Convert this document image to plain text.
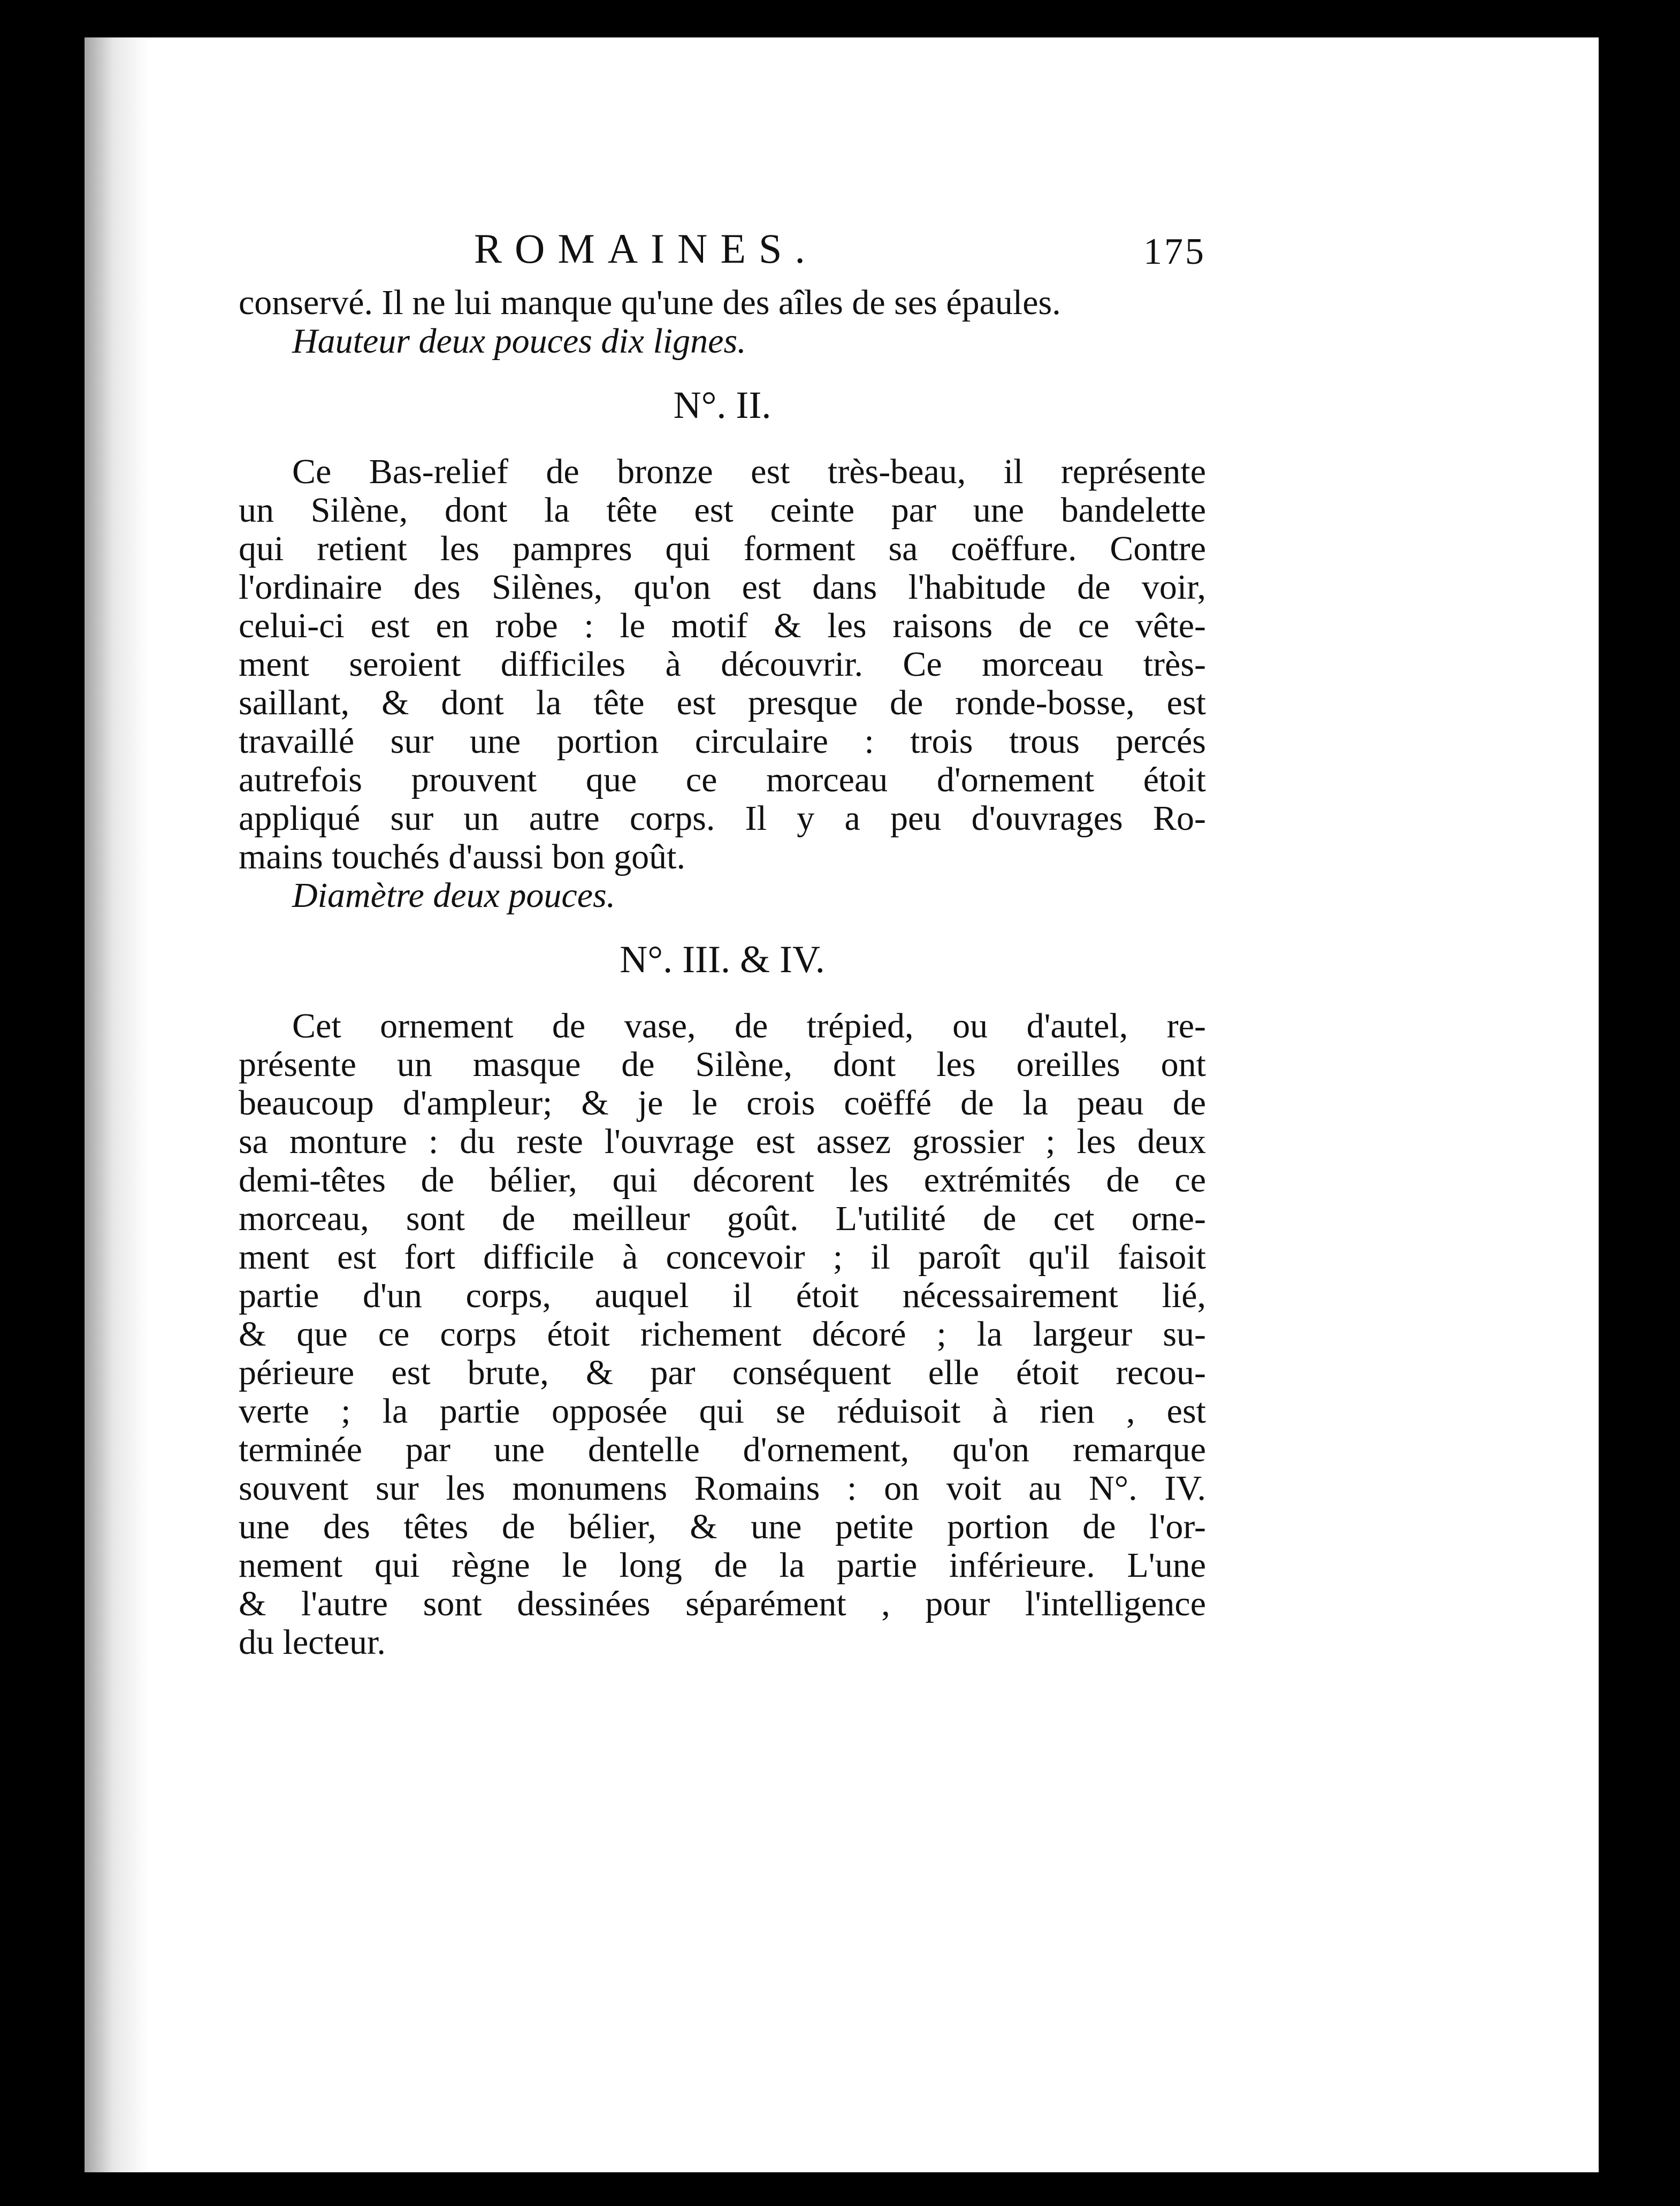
ROMAINES.	175
conservé. Il ne lui manque qu'une des aîles de ses épaules.
Hauteur deux pouces dix lignes.
N°. II.
Ce Bas-relief de bronze est très-beau, il représente
un Silène, dont la tête est ceinte par une bandelette
qui retient les pampres qui forment sa coëffure. Contre
l'ordinaire des Silènes, qu'on est dans l'habitude de voir,
celui-ci est en robe : le motif & les raisons de ce vête-
ment seroient difficiles à découvrir. Ce morceau très-
saillant, & dont la tête est presque de ronde-bosse, est
travaillé sur une portion circulaire : trois trous percés
autrefois prouvent que ce morceau d'ornement étoit
appliqué sur un autre corps. Il y a peu d'ouvrages Ro-
mains touchés d'aussi bon goût.
Diamètre deux pouces.
N°. III. & IV.
Cet ornement de vase, de trépied, ou d'autel, re-
présente un masque de Silène, dont les oreilles ont
beaucoup d'ampleur; & je le crois coëffé de la peau de
sa monture : du reste l'ouvrage est assez grossier ; les deux
demi-têtes de bélier, qui décorent les extrémités de ce
morceau, sont de meilleur goût. L'utilité de cet orne-
ment est fort difficile à concevoir ; il paroît qu'il faisoit
partie d'un corps, auquel il étoit nécessairement lié,
& que ce corps étoit richement décoré ; la largeur su-
périeure est brute, & par conséquent elle étoit recou-
verte ; la partie opposée qui se réduisoit à rien , est
terminée par une dentelle d'ornement, qu'on remarque
souvent sur les monumens Romains : on voit au N°. IV.
une des têtes de bélier, & une petite portion de l'or-
nement qui règne le long de la partie inférieure. L'une
& l'autre sont dessinées séparément , pour l'intelligence
du lecteur.
